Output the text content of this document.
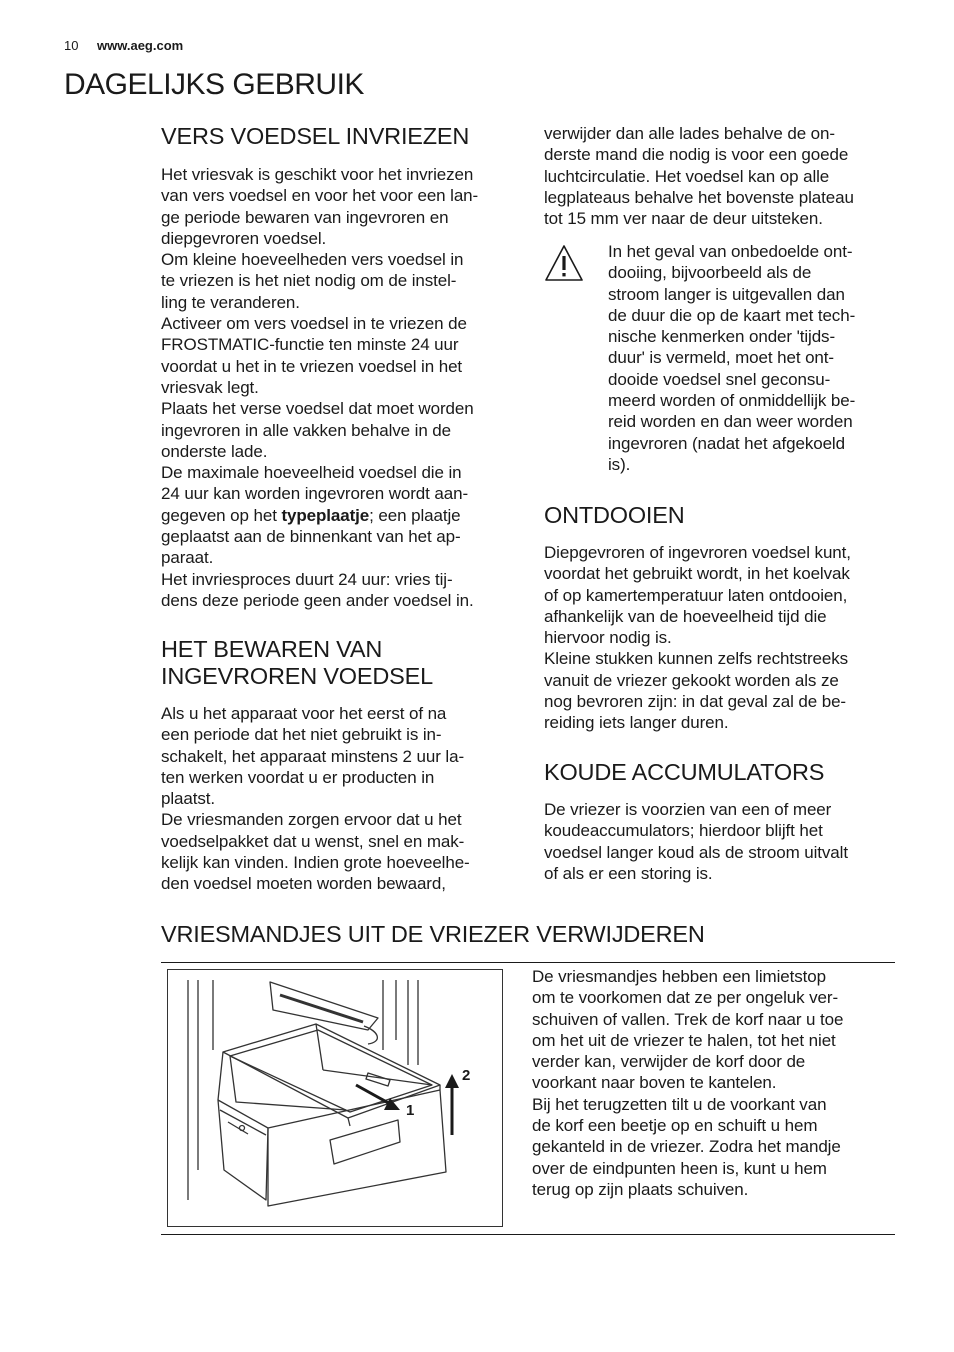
10 www.aeg.com
DAGELIJKS GEBRUIK
VERS VOEDSEL INVRIEZEN

Het vriesvak is geschikt voor het invriezen
van vers voedsel en voor het voor een lan-
ge periode bewaren van ingevroren en
diepgevroren voedsel.
Om kleine hoeveelheden vers voedsel in
te vriezen is het niet nodig om de instel-
ling te veranderen.
Activeer om vers voedsel in te vriezen de
FROSTMATIC-functie ten minste 24 uur
voordat u het in te vriezen voedsel in het
vriesvak legt.
Plaats het verse voedsel dat moet worden
ingevroren in alle vakken behalve in de
onderste lade.
De maximale hoeveelheid voedsel die in
24 uur kan worden ingevroren wordt aan-
gegeven op het typeplaatje; een plaatje
geplaatst aan de binnenkant van het ap-
paraat.
Het invriesproces duurt 24 uur: vries tij-
dens deze periode geen ander voedsel in.

HET BEWAREN VAN
INGEVROREN VOEDSEL

Als u het apparaat voor het eerst of na
een periode dat het niet gebruikt is in-
schakelt, het apparaat minstens 2 uur la-
ten werken voordat u er producten in
plaatst.
De vriesmanden zorgen ervoor dat u het
voedselpakket dat u wenst, snel en mak-
kelijk kan vinden. Indien grote hoeveelhe-
den voedsel moeten worden bewaard,

verwijder dan alle lades behalve de on-
derste mand die nodig is voor een goede
luchtcirculatie. Het voedsel kan op alle
legplateaus behalve het bovenste plateau
tot 15 mm ver naar de deur uitsteken.

In het geval van onbedoelde ont-
dooiing, bijvoorbeeld als de
stroom langer is uitgevallen dan
de duur die op de kaart met tech-
nische kenmerken onder 'tijds-
duur' is vermeld, moet het ont-
dooide voedsel snel geconsu-
meerd worden of onmiddellijk be-
reid worden en dan weer worden
ingevroren (nadat het afgekoeld
is).

ONTDOOIEN

Diepgevroren of ingevroren voedsel kunt,
voordat het gebruikt wordt, in het koelvak
of op kamertemperatuur laten ontdooien,
afhankelijk van de hoeveelheid tijd die
hiervoor nodig is.
Kleine stukken kunnen zelfs rechtstreeks
vanuit de vriezer gekookt worden als ze
nog bevroren zijn: in dat geval zal de be-
reiding iets langer duren.

KOUDE ACCUMULATORS

De vriezer is voorzien van een of meer
koudeaccumulators; hierdoor blijft het
voedsel langer koud als de stroom uitvalt
of als er een storing is.

VRIESMANDJES UIT DE VRIEZER VERWIJDEREN
1
2

De vriesmandjes hebben een limietstop
om te voorkomen dat ze per ongeluk ver-
schuiven of vallen. Trek de korf naar u toe
om het uit de vriezer te halen, tot het niet
verder kan, verwijder de korf door de
voorkant naar boven te kantelen.
Bij het terugzetten tilt u de voorkant van
de korf een beetje op en schuift u hem
gekanteld in de vriezer. Zodra het mandje
over de eindpunten heen is, kunt u hem
terug op zijn plaats schuiven.
